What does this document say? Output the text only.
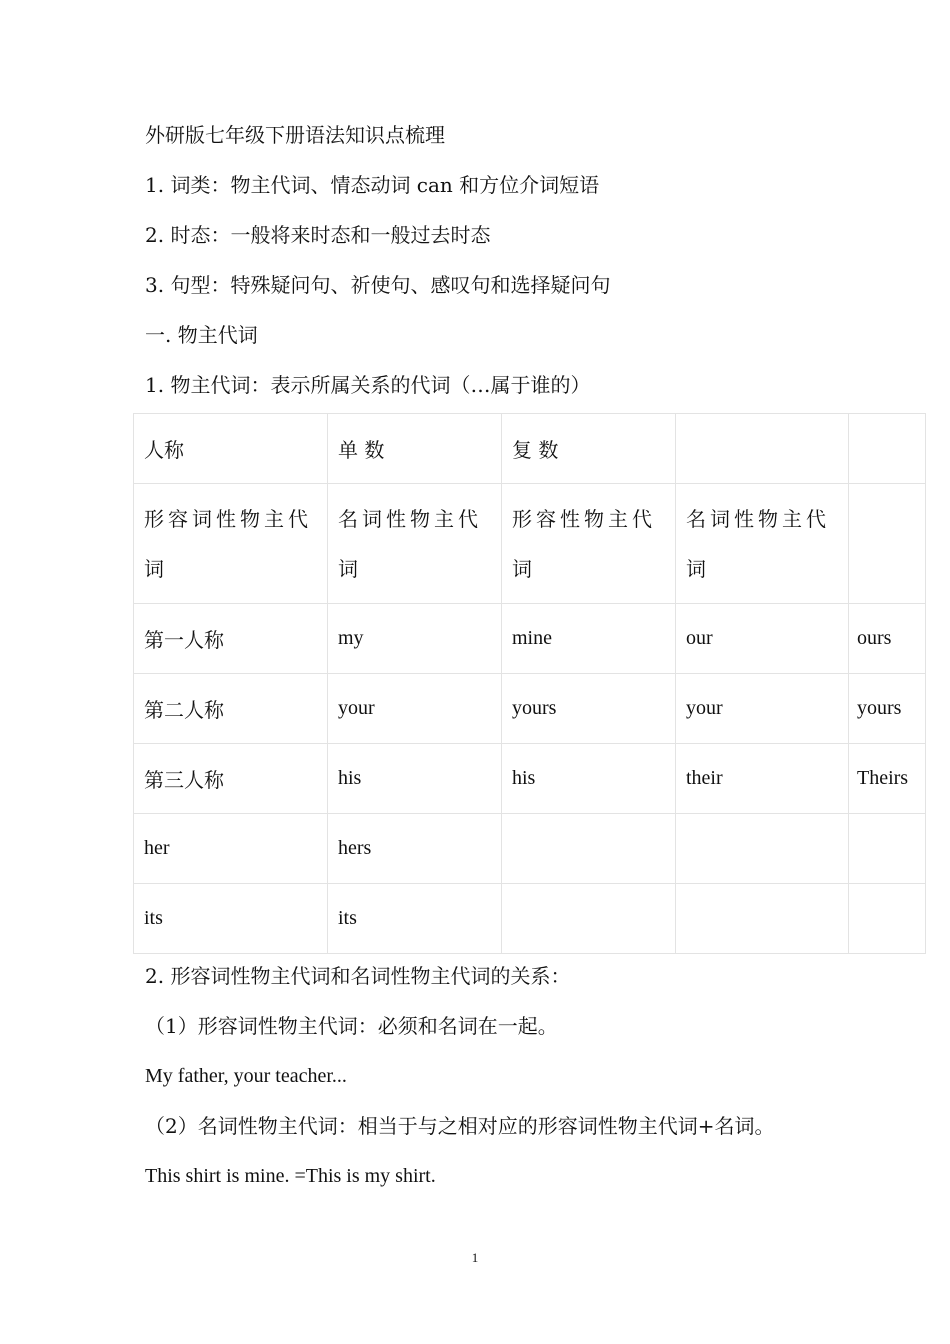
外研版七年级下册语法知识点梳理
1. 词类：物主代词、情态动词 can 和方位介词短语
2. 时态：一般将来时态和一般过去时态
3. 句型：特殊疑问句、祈使句、感叹句和选择疑问句
一. 物主代词
1. 物主代词：表示所属关系的代词（…属于谁的）
人称	单 数	复 数		
形容词性物主代词	名词性物主代词	形容性物主代词	名词性物主代词	
第一人称	my	mine	our	ours
第二人称	your	yours	your	yours
第三人称	his	his	their	Theirs
her	hers			
its	its			
2. 形容词性物主代词和名词性物主代词的关系：
（1）形容词性物主代词：必须和名词在一起。
My father, your teacher...
（2）名词性物主代词：相当于与之相对应的形容词性物主代词+名词。
This shirt is mine. =This is my shirt.
1
